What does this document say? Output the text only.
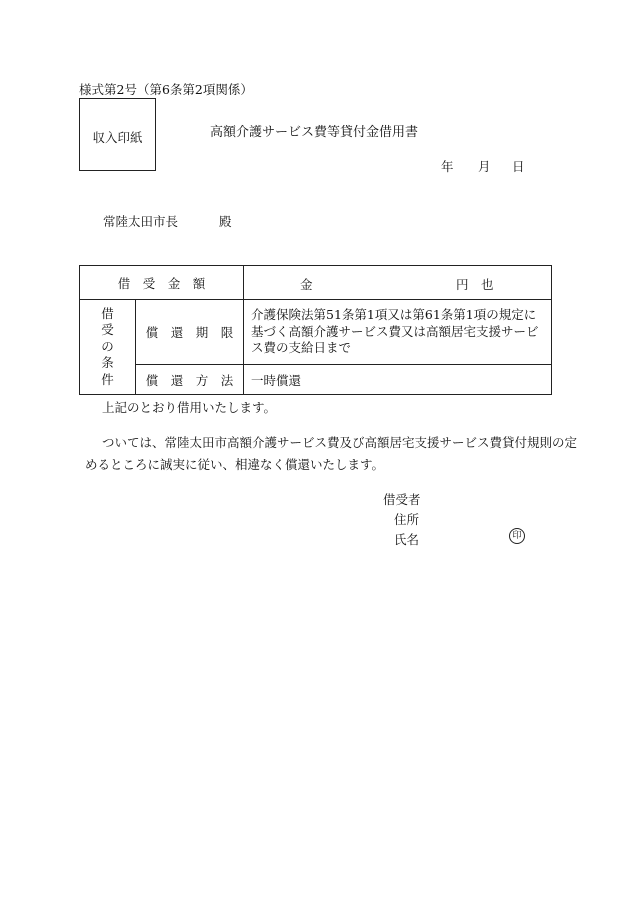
様式第2号（第6条第2項関係）
収入印紙	高額介護サービス費等貸付金借用書
年 月 日
常陸太田市長	殿
借　受　金　額		金 円　也

借
受
の
条
件	償　還　期　限	介護保険法第51条第1項又は第61条第1項の規定に基づく高額介護サービス費又は高額居宅支援サービス費の支給日まで
	償　還　方　法	一時償還
上記のとおり借用いたします。
ついては、常陸太田市高額介護サービス費及び高額居宅支援サービス費貸付規則の定
めるところに誠実に従い、相違なく償還いたします。
借受者
住所
氏名	印
